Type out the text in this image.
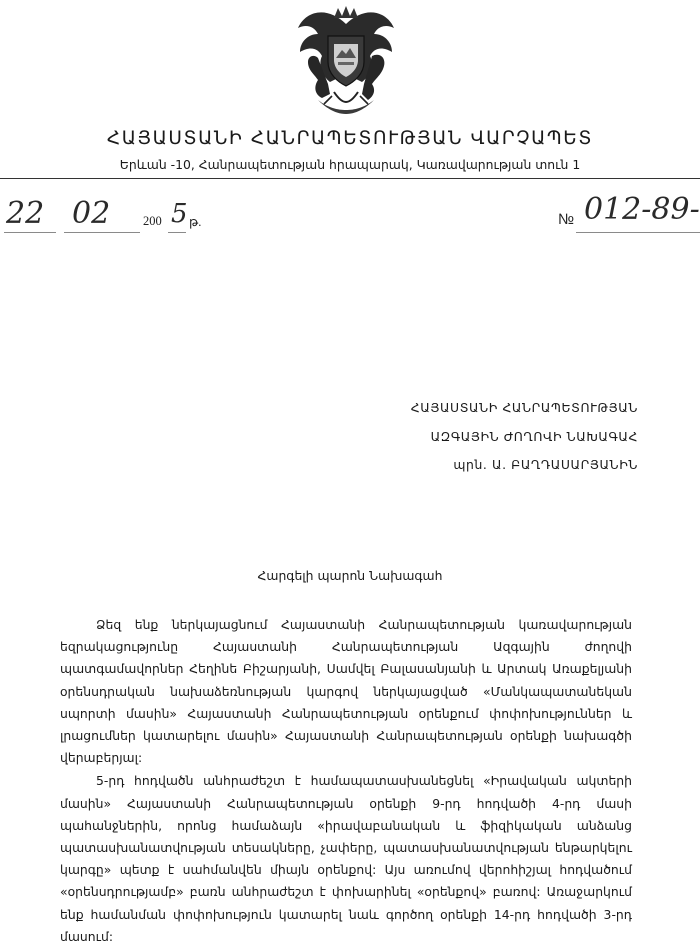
ՀԱՅԱՍՏԱՆԻ ՀԱՆՐԱՊԵՏՈՒԹՅԱՆ ՎԱՐՉԱՊԵՏ
Երևան -10, Հանրապետության հրապարակ, Կառավարության տուն 1
22 02	200 5 թ.	№ 012-89-
ՀԱՅԱՍՏԱՆԻ ՀԱՆՐԱՊԵՏՈՒԹՅԱՆ
ԱԶԳԱՅԻՆ ԺՈՂՈՎԻ ՆԱԽԱԳԱՀ
պրն. Ա. ԲԱՂԴԱՍԱՐՅԱՆԻՆ
Հարգելի պարոն Նախագահ

Ձեզ ենք ներկայացնում Հայաստանի Հանրապետության կառավարության եզրակացությունը Հայաստանի Հանրապետության Ազգային ժողովի պատգամավորներ Հեղինե Բիշարյանի, Սամվել Բալասանյանի և Արտակ Առաքելյանի օրենսդրական նախաձեռնության կարգով ներկայացված «Մանկապատանեկան սպորտի մասին» Հայաստանի Հանրապետության օրենքում փոփոխություններ և լրացումներ կատարելու մասին» Հայաստանի Հանրապետության օրենքի նախագծի վերաբերյալ:

5-րդ հոդվածն անհրաժեշտ է համապատասխանեցնել «Իրավական ակտերի մասին» Հայաստանի Հանրապետության օրենքի 9-րդ հոդվածի 4-րդ մասի պահանջներին, որոնց համաձայն «իրավաբանական և ֆիզիկական անձանց պատասխանատվության տեսակները, չափերը, պատասխանատվության ենթարկելու կարգը» պետք է սահմանվեն միայն օրենքով: Այս առումով վերոհիշյալ հոդվածում «օրենսդրությամբ» բառն անհրաժեշտ է փոխարինել «օրենքով» բառով: Առաջարկում ենք համանման փոփոխություն կատարել նաև գործող օրենքի 14-րդ հոդվածի 3-րդ մասում:
